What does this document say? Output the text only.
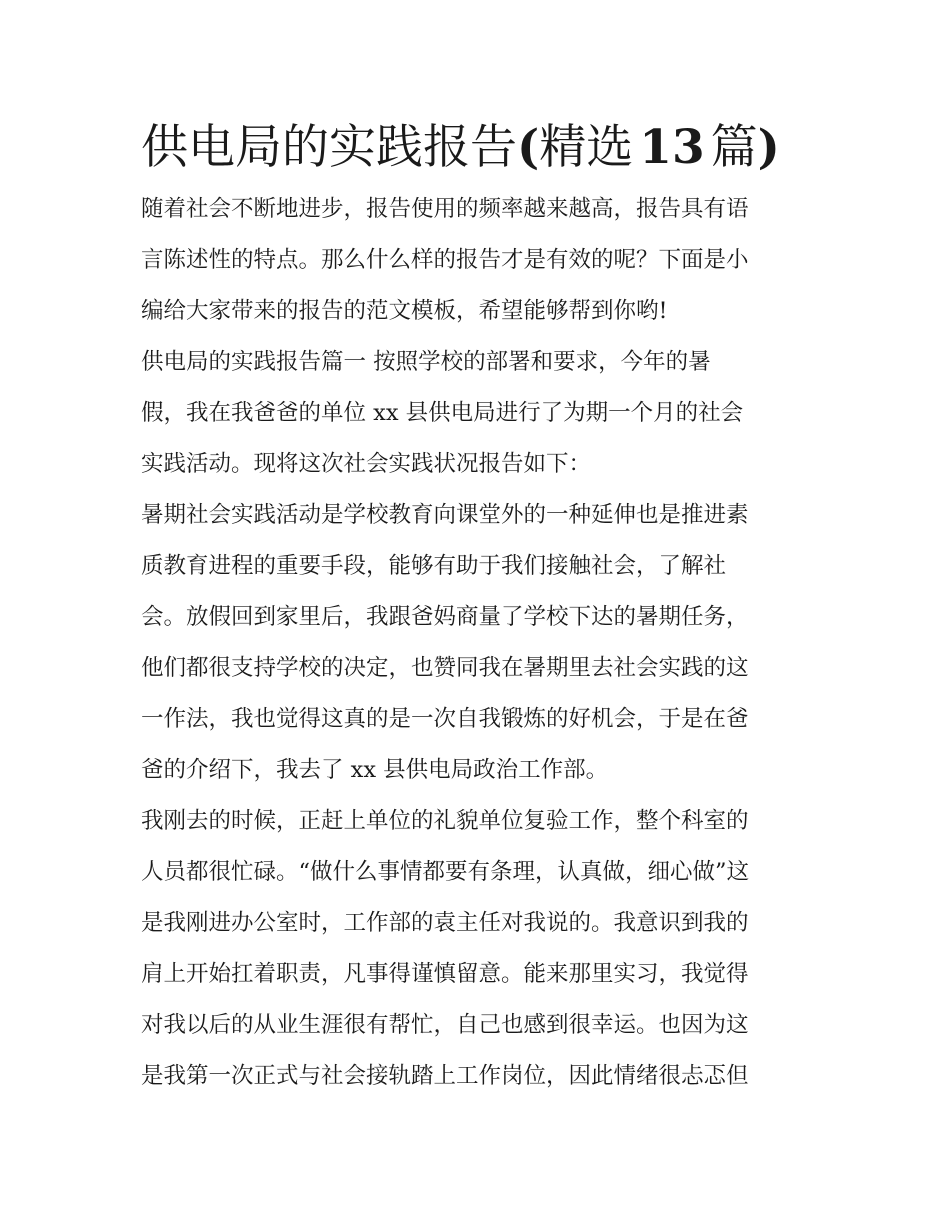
供电局的实践报告(精选 13 篇)

随着社会不断地进步，报告使用的频率越来越高，报告具有语
言陈述性的特点。那么什么样的报告才是有效的呢？下面是小
编给大家带来的报告的范文模板，希望能够帮到你哟!

供电局的实践报告篇一 按照学校的部署和要求，今年的暑
假，我在我爸爸的单位 xx 县供电局进行了为期一个月的社会
实践活动。现将这次社会实践状况报告如下：

暑期社会实践活动是学校教育向课堂外的一种延伸也是推进素
质教育进程的重要手段，能够有助于我们接触社会，了解社
会。放假回到家里后，我跟爸妈商量了学校下达的暑期任务，
他们都很支持学校的决定，也赞同我在暑期里去社会实践的这
一作法，我也觉得这真的是一次自我锻炼的好机会，于是在爸
爸的介绍下，我去了 xx 县供电局政治工作部。

我刚去的时候，正赶上单位的礼貌单位复验工作，整个科室的
人员都很忙碌。“做什么事情都要有条理，认真做，细心做”这
是我刚进办公室时，工作部的袁主任对我说的。我意识到我的
肩上开始扛着职责，凡事得谨慎留意。能来那里实习，我觉得
对我以后的从业生涯很有帮忙，自己也感到很幸运。也因为这
是我第一次正式与社会接轨踏上工作岗位，因此情绪很忐忑但
